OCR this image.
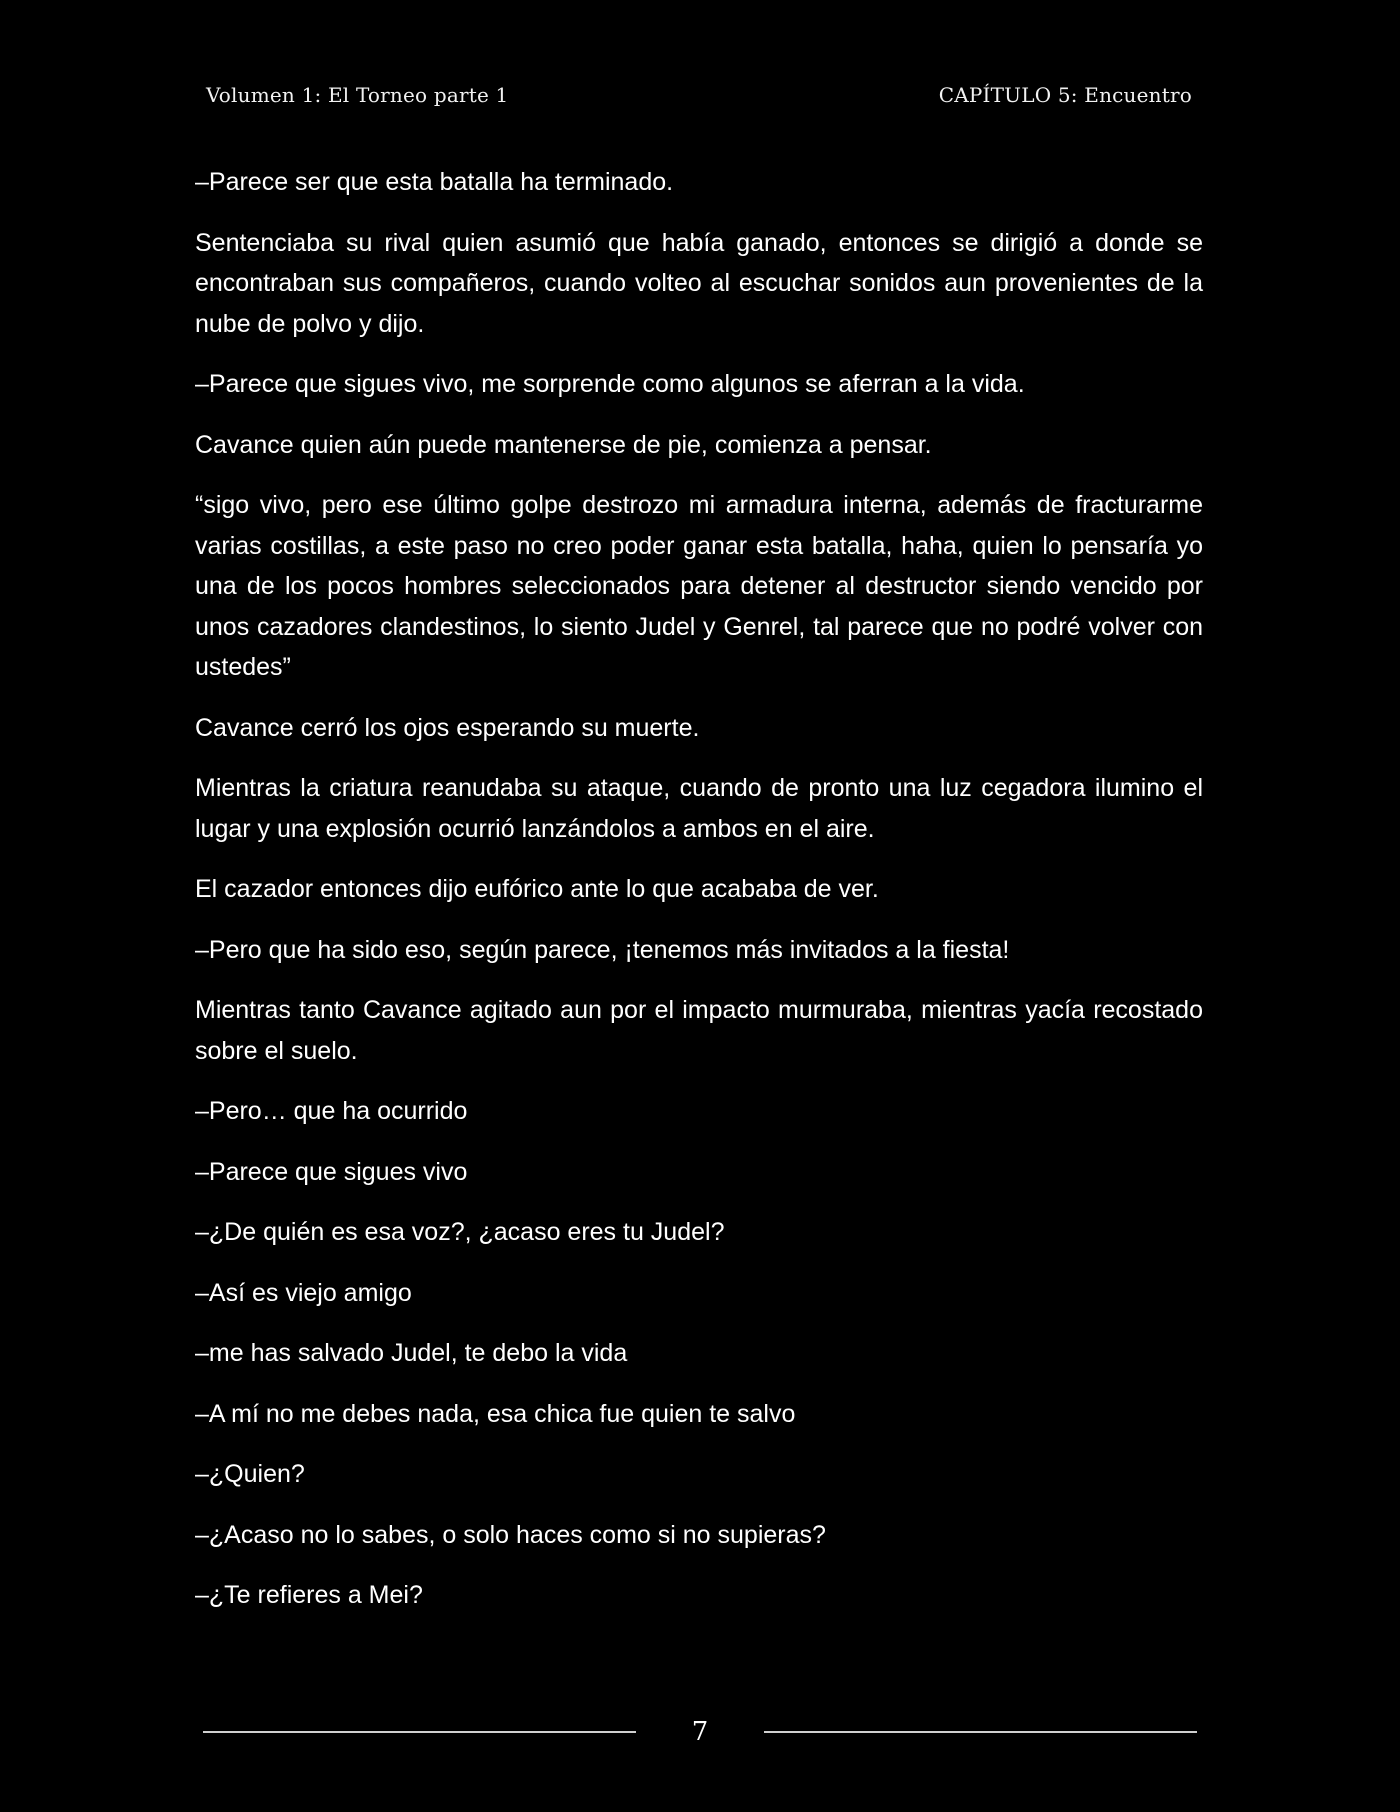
Volumen 1: El Torneo parte 1	CAPÍTULO 5: Encuentro

–Parece ser que esta batalla ha terminado.

Sentenciaba su rival quien asumió que había ganado, entonces se dirigió a donde se encontraban sus compañeros, cuando volteo al escuchar sonidos aun provenientes de la nube de polvo y dijo.

–Parece que sigues vivo, me sorprende como algunos se aferran a la vida.

Cavance quien aún puede mantenerse de pie, comienza a pensar.

“sigo vivo, pero ese último golpe destrozo mi armadura interna, además de fracturarme varias costillas, a este paso no creo poder ganar esta batalla, haha, quien lo pensaría yo una de los pocos hombres seleccionados para detener al destructor siendo vencido por unos cazadores clandestinos, lo siento Judel y Genrel, tal parece que no podré volver con ustedes”

Cavance cerró los ojos esperando su muerte.

Mientras la criatura reanudaba su ataque, cuando de pronto una luz cegadora ilumino el lugar y una explosión ocurrió lanzándolos a ambos en el aire.

El cazador entonces dijo eufórico ante lo que acababa de ver.

–Pero que ha sido eso, según parece, ¡tenemos más invitados a la fiesta!

Mientras tanto Cavance agitado aun por el impacto murmuraba, mientras yacía recostado sobre el suelo.

–Pero… que ha ocurrido

–Parece que sigues vivo

–¿De quién es esa voz?, ¿acaso eres tu Judel?

–Así es viejo amigo

–me has salvado Judel, te debo la vida

–A mí no me debes nada, esa chica fue quien te salvo

–¿Quien?

–¿Acaso no lo sabes, o solo haces como si no supieras?

–¿Te refieres a Mei?

7
